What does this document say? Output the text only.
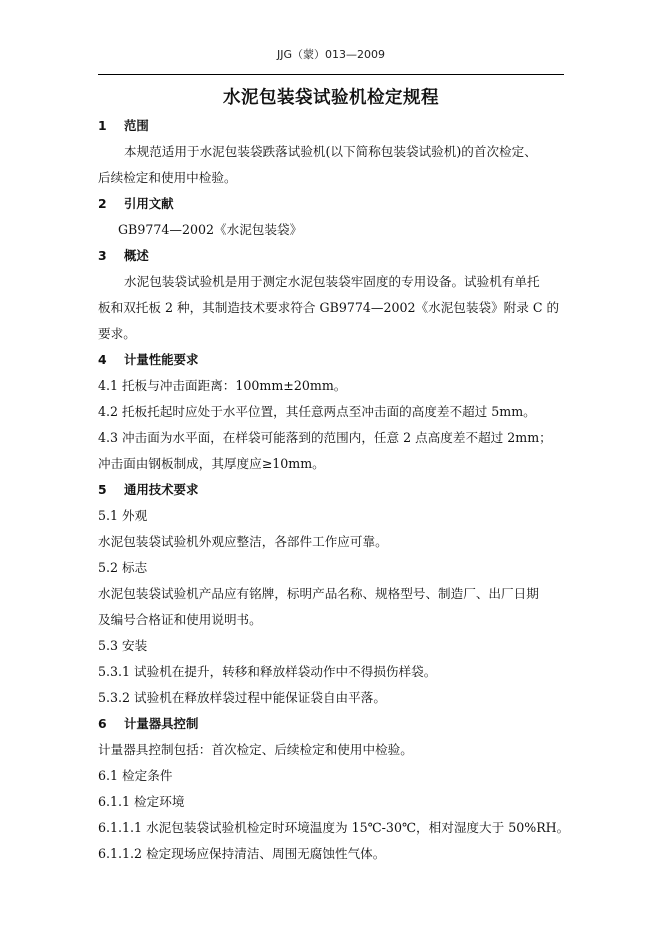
JJG（蒙）013—2009
水泥包装袋试验机检定规程
1 范围
本规范适用于水泥包装袋跌落试验机(以下简称包装袋试验机)的首次检定、
后续检定和使用中检验。
2 引用文献
GB9774—2002《水泥包装袋》
3 概述
水泥包装袋试验机是用于测定水泥包装袋牢固度的专用设备。试验机有单托
板和双托板 2 种，其制造技术要求符合 GB9774—2002《水泥包装袋》附录 C 的
要求。
4 计量性能要求
4.1 托板与冲击面距离：100mm±20mm。
4.2 托板托起时应处于水平位置，其任意两点至冲击面的高度差不超过 5mm。
4.3 冲击面为水平面，在样袋可能落到的范围内，任意 2 点高度差不超过 2mm；
冲击面由钢板制成，其厚度应≥10mm。
5 通用技术要求
5.1 外观
水泥包装袋试验机外观应整洁，各部件工作应可靠。
5.2 标志
水泥包装袋试验机产品应有铭牌，标明产品名称、规格型号、制造厂、出厂日期
及编号合格证和使用说明书。
5.3 安装
5.3.1 试验机在提升，转移和释放样袋动作中不得损伤样袋。
5.3.2 试验机在释放样袋过程中能保证袋自由平落。
6 计量器具控制
计量器具控制包括：首次检定、后续检定和使用中检验。
6.1 检定条件
6.1.1 检定环境
6.1.1.1 水泥包装袋试验机检定时环境温度为 15℃-30℃，相对湿度大于 50%RH。
6.1.1.2 检定现场应保持清洁、周围无腐蚀性气体。
